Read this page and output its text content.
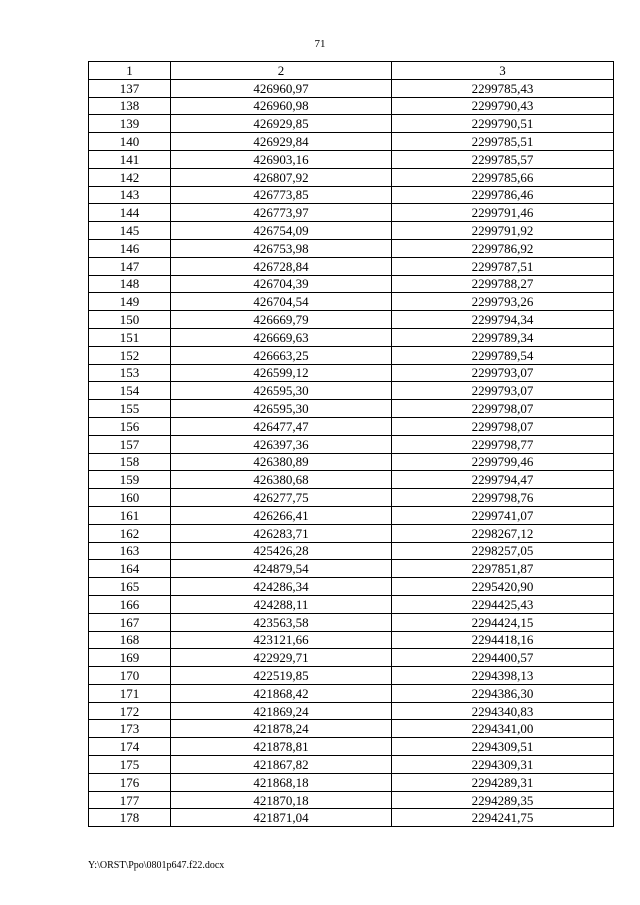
71
1	2	3
137	426960,97	2299785,43
138	426960,98	2299790,43
139	426929,85	2299790,51
140	426929,84	2299785,51
141	426903,16	2299785,57
142	426807,92	2299785,66
143	426773,85	2299786,46
144	426773,97	2299791,46
145	426754,09	2299791,92
146	426753,98	2299786,92
147	426728,84	2299787,51
148	426704,39	2299788,27
149	426704,54	2299793,26
150	426669,79	2299794,34
151	426669,63	2299789,34
152	426663,25	2299789,54
153	426599,12	2299793,07
154	426595,30	2299793,07
155	426595,30	2299798,07
156	426477,47	2299798,07
157	426397,36	2299798,77
158	426380,89	2299799,46
159	426380,68	2299794,47
160	426277,75	2299798,76
161	426266,41	2299741,07
162	426283,71	2298267,12
163	425426,28	2298257,05
164	424879,54	2297851,87
165	424286,34	2295420,90
166	424288,11	2294425,43
167	423563,58	2294424,15
168	423121,66	2294418,16
169	422929,71	2294400,57
170	422519,85	2294398,13
171	421868,42	2294386,30
172	421869,24	2294340,83
173	421878,24	2294341,00
174	421878,81	2294309,51
175	421867,82	2294309,31
176	421868,18	2294289,31
177	421870,18	2294289,35
178	421871,04	2294241,75
Y:\ORST\Ppo\0801p647.f22.docx
